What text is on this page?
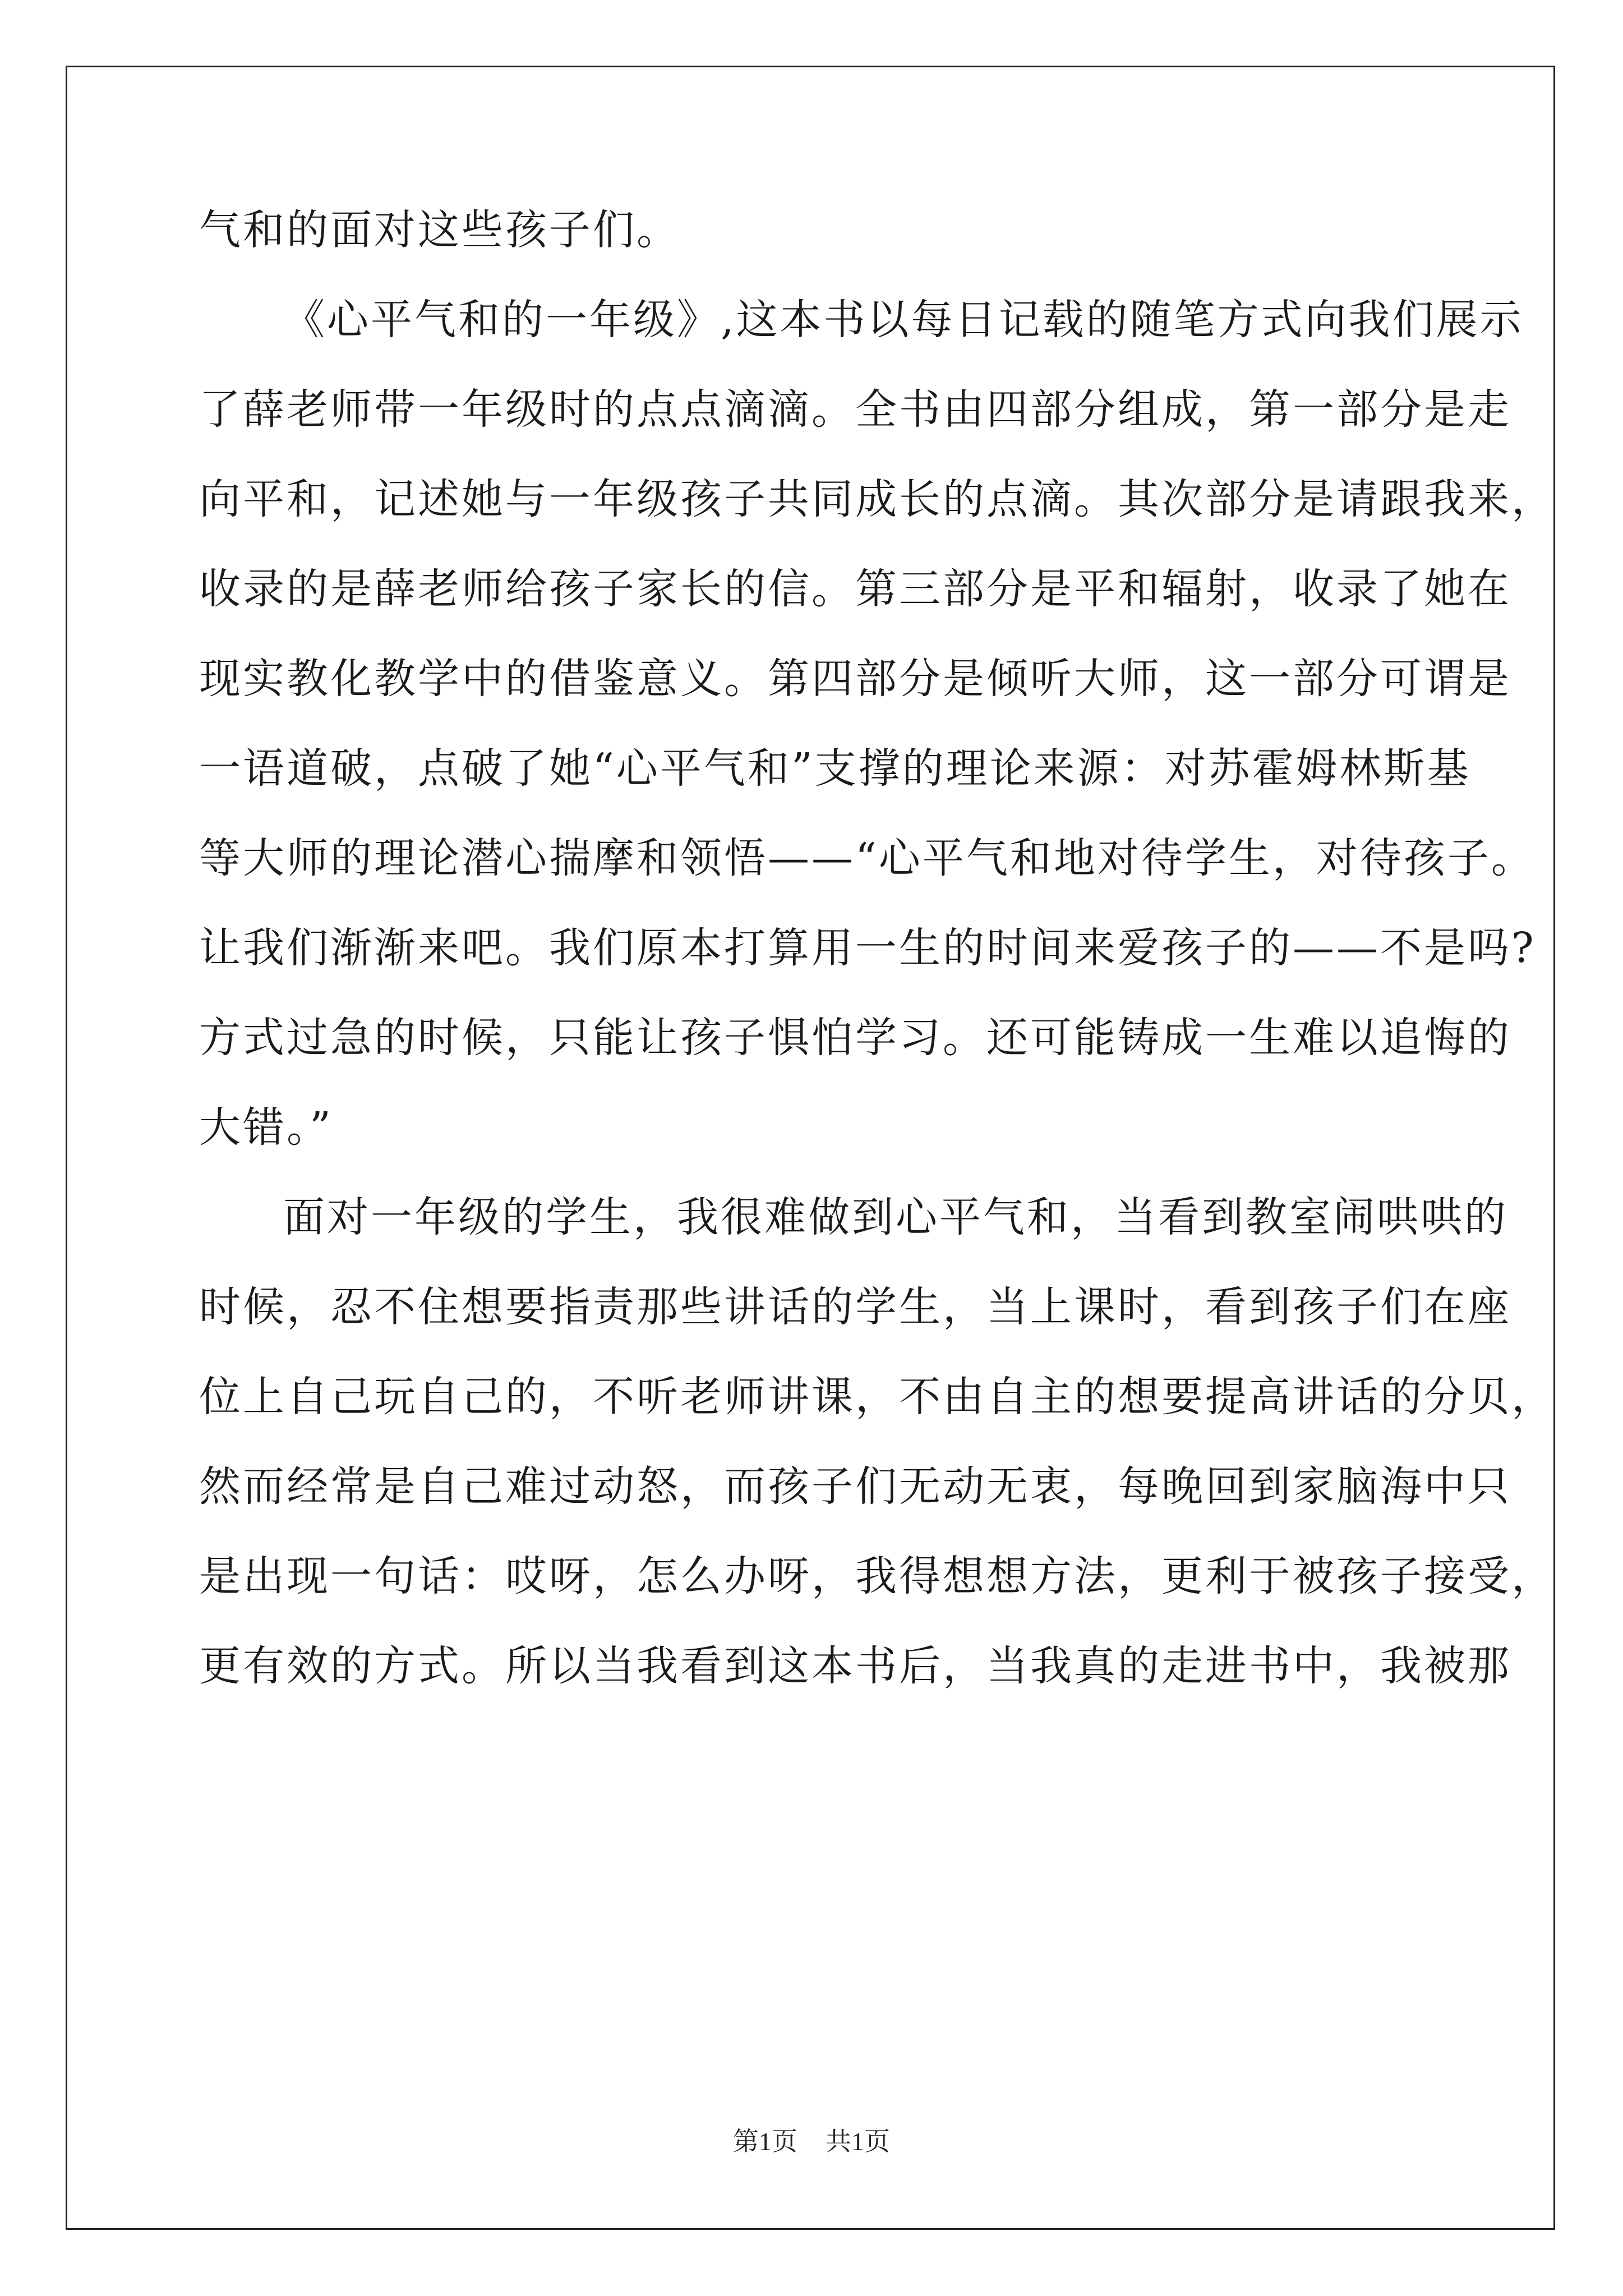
气和的面对这些孩子们。
《心平气和的一年级》,这本书以每日记载的随笔方式向我们展示
了薛老师带一年级时的点点滴滴。全书由四部分组成，第一部分是走
向平和，记述她与一年级孩子共同成长的点滴。其次部分是请跟我来，
收录的是薛老师给孩子家长的信。第三部分是平和辐射，收录了她在
现实教化教学中的借鉴意义。第四部分是倾听大师，这一部分可谓是
一语道破，点破了她“心平气和”支撑的理论来源：对苏霍姆林斯基
等大师的理论潜心揣摩和领悟——“心平气和地对待学生，对待孩子。
让我们渐渐来吧。我们原本打算用一生的时间来爱孩子的——不是吗?
方式过急的时候，只能让孩子惧怕学习。还可能铸成一生难以追悔的
大错。”
面对一年级的学生，我很难做到心平气和，当看到教室闹哄哄的
时候，忍不住想要指责那些讲话的学生，当上课时，看到孩子们在座
位上自己玩自己的，不听老师讲课，不由自主的想要提高讲话的分贝，
然而经常是自己难过动怒，而孩子们无动无衷，每晚回到家脑海中只
是出现一句话：哎呀，怎么办呀，我得想想方法，更利于被孩子接受，
更有效的方式。所以当我看到这本书后，当我真的走进书中，我被那
第1页 共1页
